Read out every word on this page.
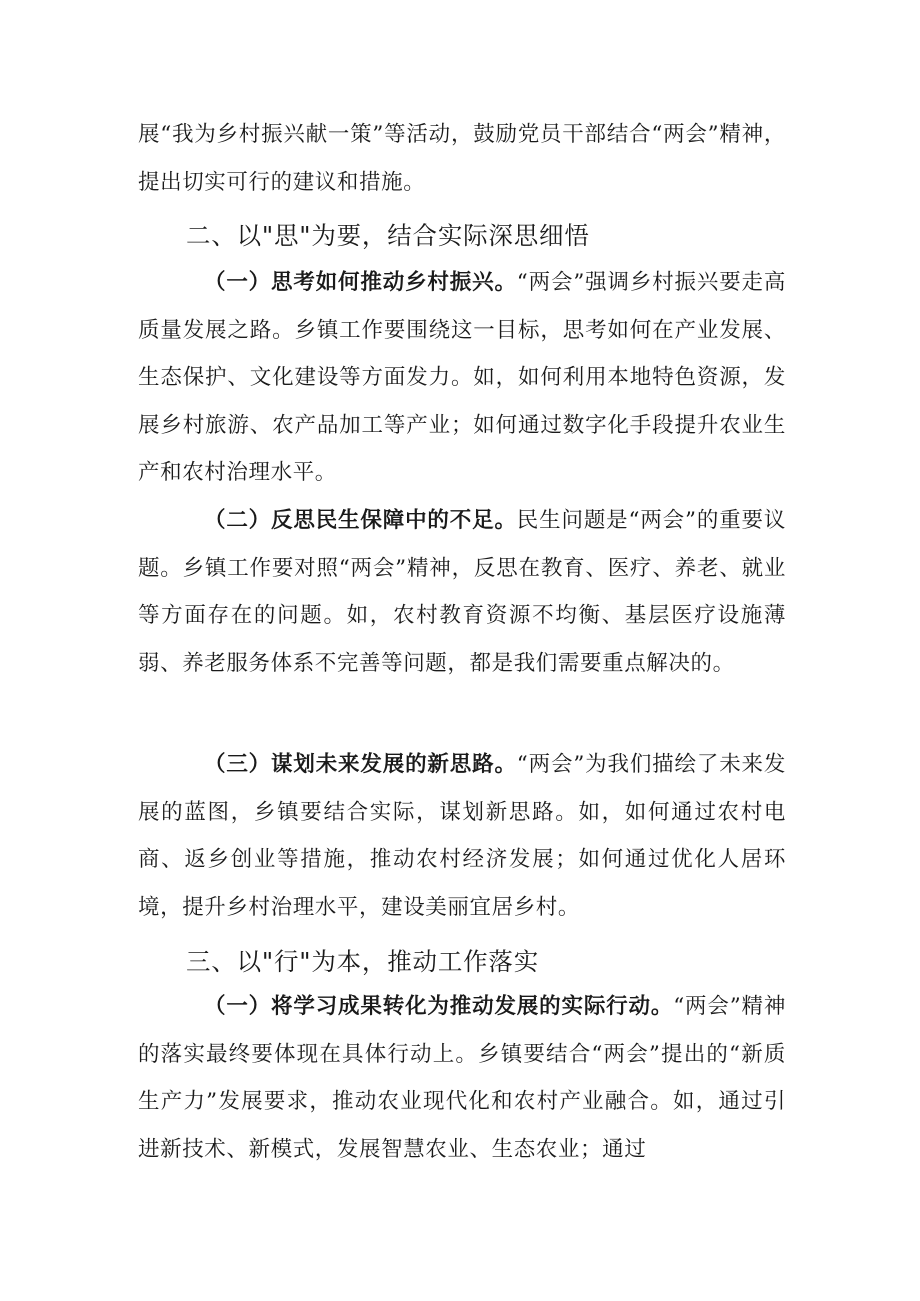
展“我为乡村振兴献一策”等活动，鼓励党员干部结合“两会”精神，提出切实可行的建议和措施。

二、以"思"为要，结合实际深思细悟

（一）思考如何推动乡村振兴。“两会”强调乡村振兴要走高质量发展之路。乡镇工作要围绕这一目标，思考如何在产业发展、生态保护、文化建设等方面发力。如，如何利用本地特色资源，发展乡村旅游、农产品加工等产业；如何通过数字化手段提升农业生产和农村治理水平。

（二）反思民生保障中的不足。民生问题是“两会”的重要议题。乡镇工作要对照“两会”精神，反思在教育、医疗、养老、就业等方面存在的问题。如，农村教育资源不均衡、基层医疗设施薄弱、养老服务体系不完善等问题，都是我们需要重点解决的。

（三）谋划未来发展的新思路。“两会”为我们描绘了未来发展的蓝图，乡镇要结合实际，谋划新思路。如，如何通过农村电商、返乡创业等措施，推动农村经济发展；如何通过优化人居环境，提升乡村治理水平，建设美丽宜居乡村。

三、以"行"为本，推动工作落实

（一）将学习成果转化为推动发展的实际行动。“两会”精神的落实最终要体现在具体行动上。乡镇要结合“两会”提出的“新质生产力”发展要求，推动农业现代化和农村产业融合。如，通过引进新技术、新模式，发展智慧农业、生态农业；通过
